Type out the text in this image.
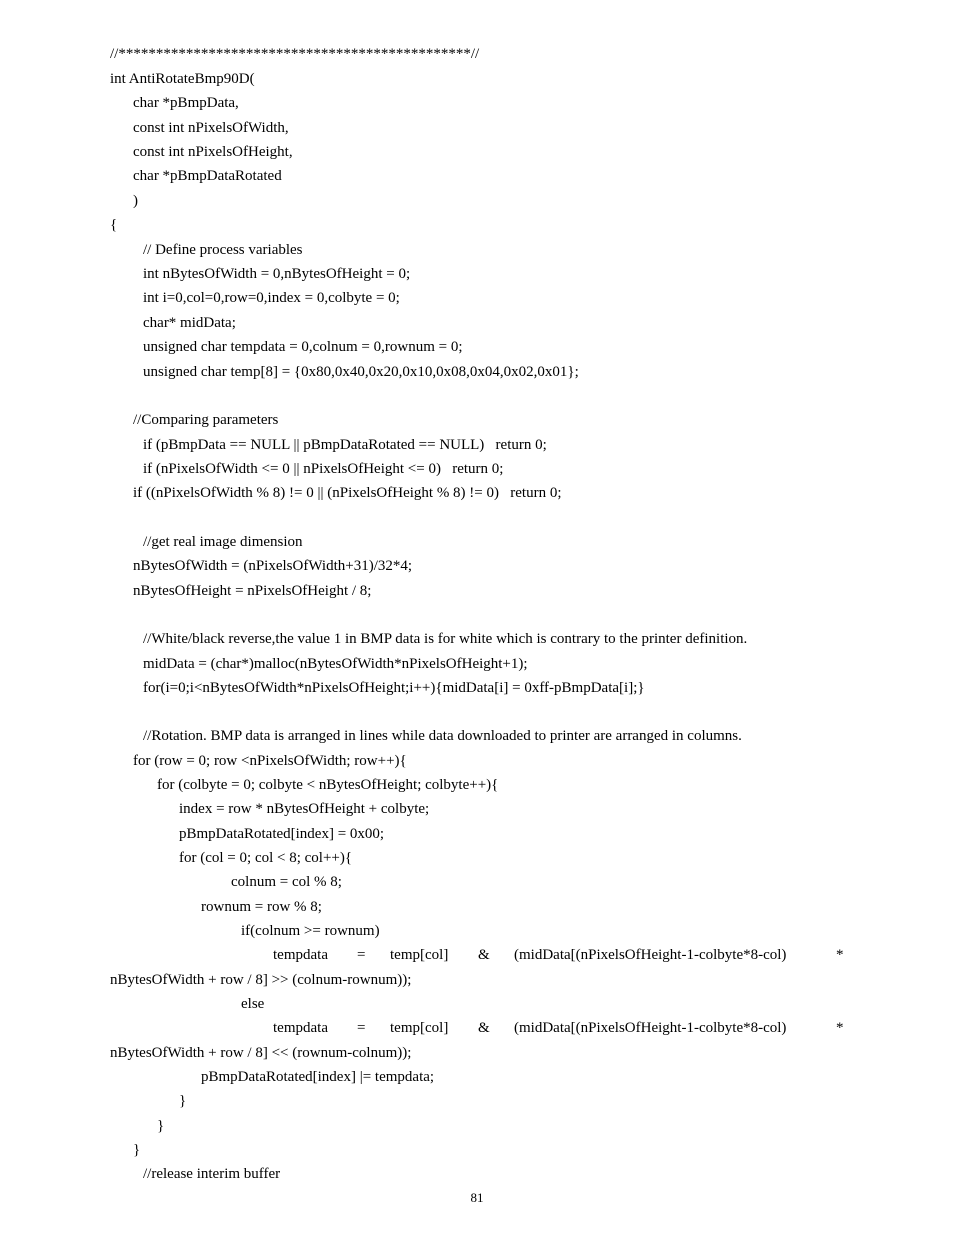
//***********************************************//
int AntiRotateBmp90D(
char *pBmpData,
const int nPixelsOfWidth,
const int nPixelsOfHeight,
char *pBmpDataRotated
)
{
// Define process variables
int nBytesOfWidth = 0,nBytesOfHeight = 0;
int i=0,col=0,row=0,index = 0,colbyte = 0;
char* midData;
unsigned char tempdata = 0,colnum = 0,rownum = 0;
unsigned char temp[8] = {0x80,0x40,0x20,0x10,0x08,0x04,0x02,0x01};
//Comparing parameters
if (pBmpData == NULL || pBmpDataRotated == NULL)   return 0;
if (nPixelsOfWidth <= 0 || nPixelsOfHeight <= 0)   return 0;
if ((nPixelsOfWidth % 8) != 0 || (nPixelsOfHeight % 8) != 0)   return 0;
//get real image dimension
nBytesOfWidth = (nPixelsOfWidth+31)/32*4;
nBytesOfHeight = nPixelsOfHeight / 8;
//White/black reverse,the value 1 in BMP data is for white which is contrary to the printer definition.
midData = (char*)malloc(nBytesOfWidth*nPixelsOfHeight+1);
for(i=0;i<nBytesOfWidth*nPixelsOfHeight;i++){midData[i] = 0xff-pBmpData[i];}
//Rotation. BMP data is arranged in lines while data downloaded to printer are arranged in columns.
for (row = 0; row <nPixelsOfWidth; row++){
for (colbyte = 0; colbyte < nBytesOfHeight; colbyte++){
index = row * nBytesOfHeight + colbyte;
pBmpDataRotated[index] = 0x00;
for (col = 0; col < 8; col++){
colnum = col % 8;
rownum = row % 8;
if(colnum >= rownum)

tempdata

=

temp[col]

&

(midData[(nPixelsOfHeight-1-colbyte*8-col)

	*

nBytesOfWidth + row / 8] >> (colnum-rownum));
else

tempdata

=

temp[col]

&

(midData[(nPixelsOfHeight-1-colbyte*8-col)

	*

nBytesOfWidth + row / 8] << (rownum-colnum));
pBmpDataRotated[index] |= tempdata;
}
}
}
//release interim buffer
81
